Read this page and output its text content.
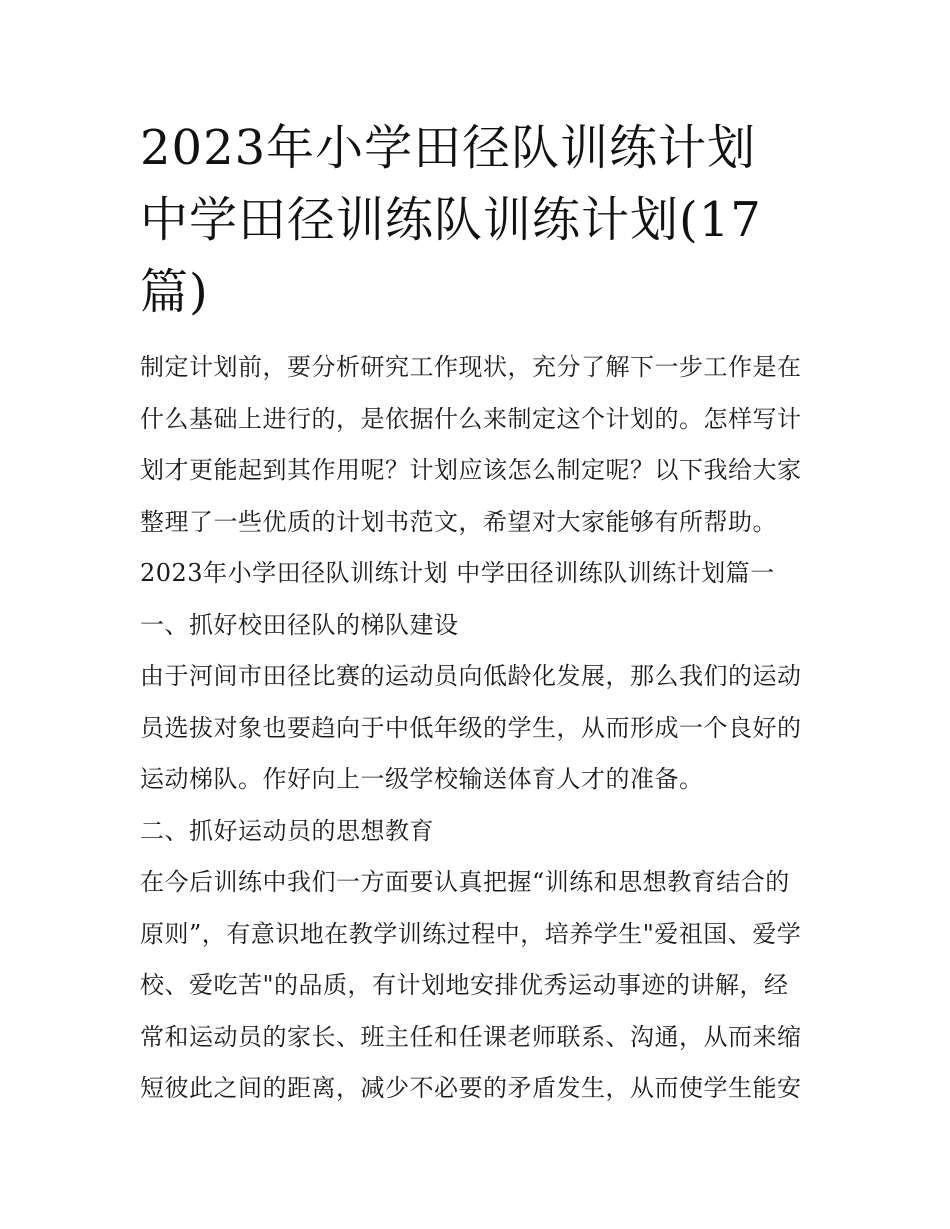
2023年小学田径队训练计划
中学田径训练队训练计划(17
篇)

制定计划前，要分析研究工作现状，充分了解下一步工作是在
什么基础上进行的，是依据什么来制定这个计划的。怎样写计
划才更能起到其作用呢？计划应该怎么制定呢？以下我给大家
整理了一些优质的计划书范文，希望对大家能够有所帮助。

2023年小学田径队训练计划 中学田径训练队训练计划篇一

一、抓好校田径队的梯队建设

由于河间市田径比赛的运动员向低龄化发展，那么我们的运动
员选拔对象也要趋向于中低年级的学生，从而形成一个良好的
运动梯队。作好向上一级学校输送体育人才的准备。

二、抓好运动员的思想教育

在今后训练中我们一方面要认真把握“训练和思想教育结合的
原则”，有意识地在教学训练过程中，培养学生"爱祖国、爱学
校、爱吃苦"的品质，有计划地安排优秀运动事迹的讲解，经
常和运动员的家长、班主任和任课老师联系、沟通，从而来缩
短彼此之间的距离，减少不必要的矛盾发生，从而使学生能安
